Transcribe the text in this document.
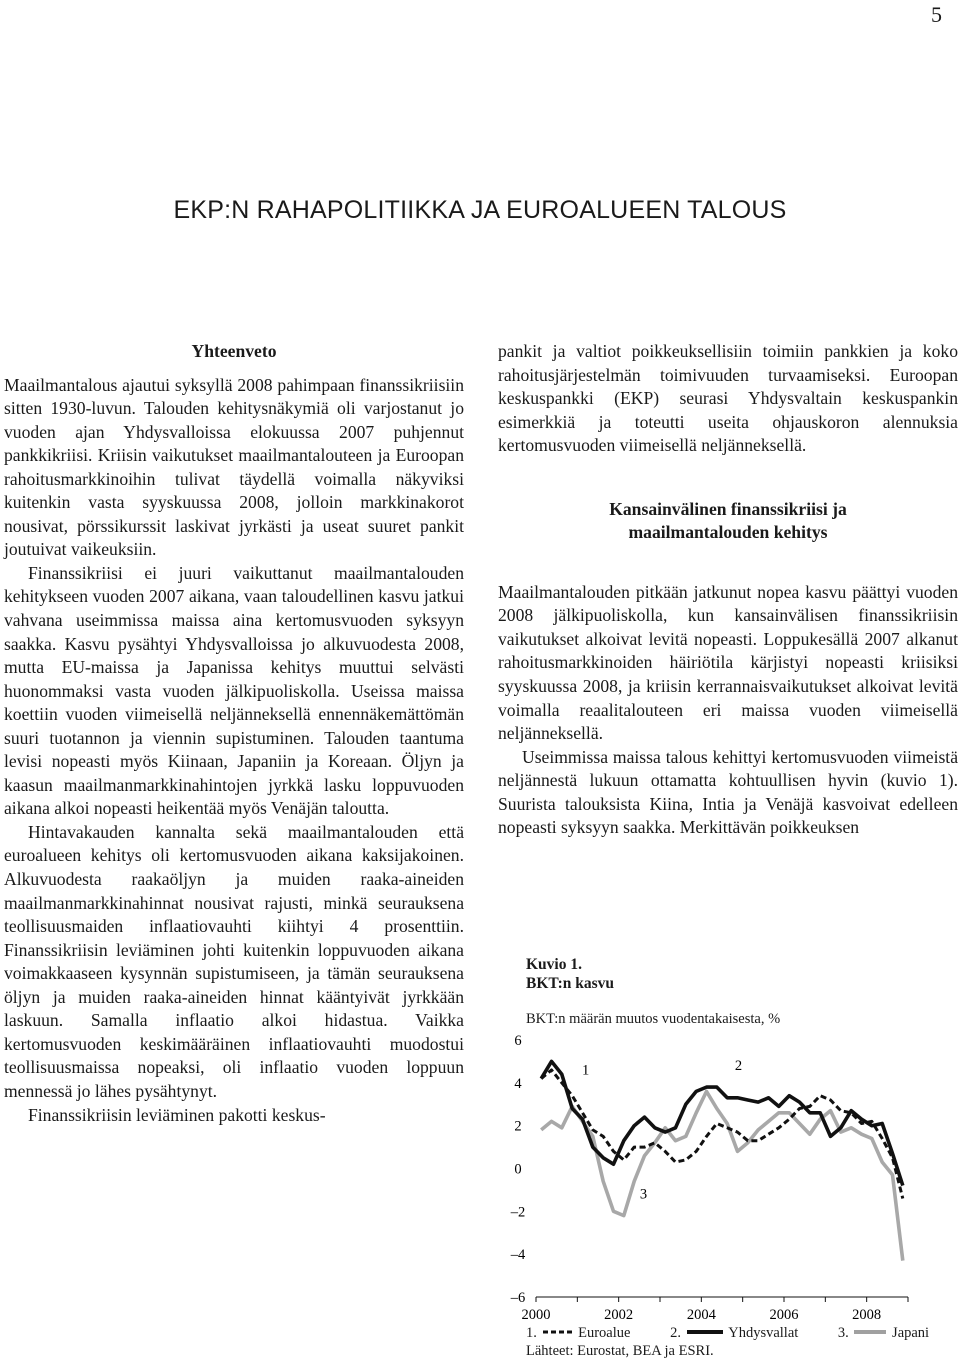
5
EKP:N RAHAPOLITIIKKA JA EUROALUEEN TALOUS
Yhteenveto

Maailmantalous ajautui syksyllä 2008 pahimpaan finanssikriisiin sitten 1930-luvun. Talouden kehitysnäkymiä oli varjostanut jo vuoden ajan Yhdysvalloissa elokuussa 2007 puhjennut pankkikriisi. Kriisin vaikutukset maailmantalouteen ja Euroopan rahoitusmarkkinoihin tulivat täydellä voimalla näkyviksi kuitenkin vasta syyskuussa 2008, jolloin markkinakorot nousivat, pörssikurssit laskivat jyrkästi ja useat suuret pankit joutuivat vaikeuksiin.

Finanssikriisi ei juuri vaikuttanut maailmantalouden kehitykseen vuoden 2007 aikana, vaan taloudellinen kasvu jatkui vahvana useimmissa maissa aina kertomusvuoden syksyyn saakka. Kasvu pysähtyi Yhdysvalloissa jo alkuvuodesta 2008, mutta EU-maissa ja Japanissa kehitys muuttui selvästi huonommaksi vasta vuoden jälkipuoliskolla. Useissa maissa koettiin vuoden viimeisellä neljänneksellä ennennäkemättömän suuri tuotannon ja viennin supistuminen. Talouden taantuma levisi nopeasti myös Kiinaan, Japaniin ja Koreaan. Öljyn ja kaasun maailmanmarkkinahintojen jyrkkä lasku loppuvuoden aikana alkoi nopeasti heikentää myös Venäjän taloutta.

Hintavakauden kannalta sekä maailmantalouden että euroalueen kehitys oli kertomusvuoden aikana kaksijakoinen. Alkuvuodesta raakaöljyn ja muiden raaka-aineiden maailmanmarkkinahinnat nousivat rajusti, minkä seurauksena teollisuusmaiden inflaatiovauhti kiihtyi 4 prosenttiin. Finanssikriisin leviäminen johti kuitenkin loppuvuoden aikana voimakkaaseen kysynnän supistumiseen, ja tämän seurauksena öljyn ja muiden raaka-aineiden hinnat kääntyivät jyrkkään laskuun. Samalla inflaatio alkoi hidastua. Vaikka kertomusvuoden keskimääräinen inflaatiovauhti muodostui teollisuusmaissa nopeaksi, oli inflaatio vuoden loppuun mennessä jo lähes pysähtynyt.

Finanssikriisin leviäminen pakotti keskus-

pankit ja valtiot poikkeuksellisiin toimiin pankkien ja koko rahoitusjärjestelmän toimivuuden turvaamiseksi. Euroopan keskuspankki (EKP) seurasi Yhdysvaltain keskuspankin esimerkkiä ja toteutti useita ohjauskoron alennuksia kertomusvuoden viimeisellä neljänneksellä.

Kansainvälinen finanssikriisi ja
maailmantalouden kehitys

Maailmantalouden pitkään jatkunut nopea kasvu päättyi vuoden 2008 jälkipuoliskolla, kun kansainvälisen finanssikriisin vaikutukset alkoivat levitä nopeasti. Loppukesällä 2007 alkanut rahoitusmarkkinoiden häiriötila kärjistyi nopeasti kriisiksi syyskuussa 2008, ja kriisin kerrannaisvaikutukset alkoivat levitä voimalla reaalitalouteen eri maissa vuoden viimeisellä neljänneksellä.

Useimmissa maissa talous kehittyi kertomusvuoden viimeistä neljännestä lukuun ottamatta kohtuullisen hyvin (kuvio 1). Suurista talouksista Kiina, Intia ja Venäjä kasvoivat edelleen nopeasti syksyyn saakka. Merkittävän poikkeuksen

Kuvio 1.
BKT:n kasvu
BKT:n määrän muutos vuodentakaisesta, %
6
4
2
0
–2
–4
–6
2000	2002	2004	2006	2008
1	2
3
1.	Euroalue	2.	Yhdysvallat	3.	Japani
Lähteet: Eurostat, BEA ja ESRI.
